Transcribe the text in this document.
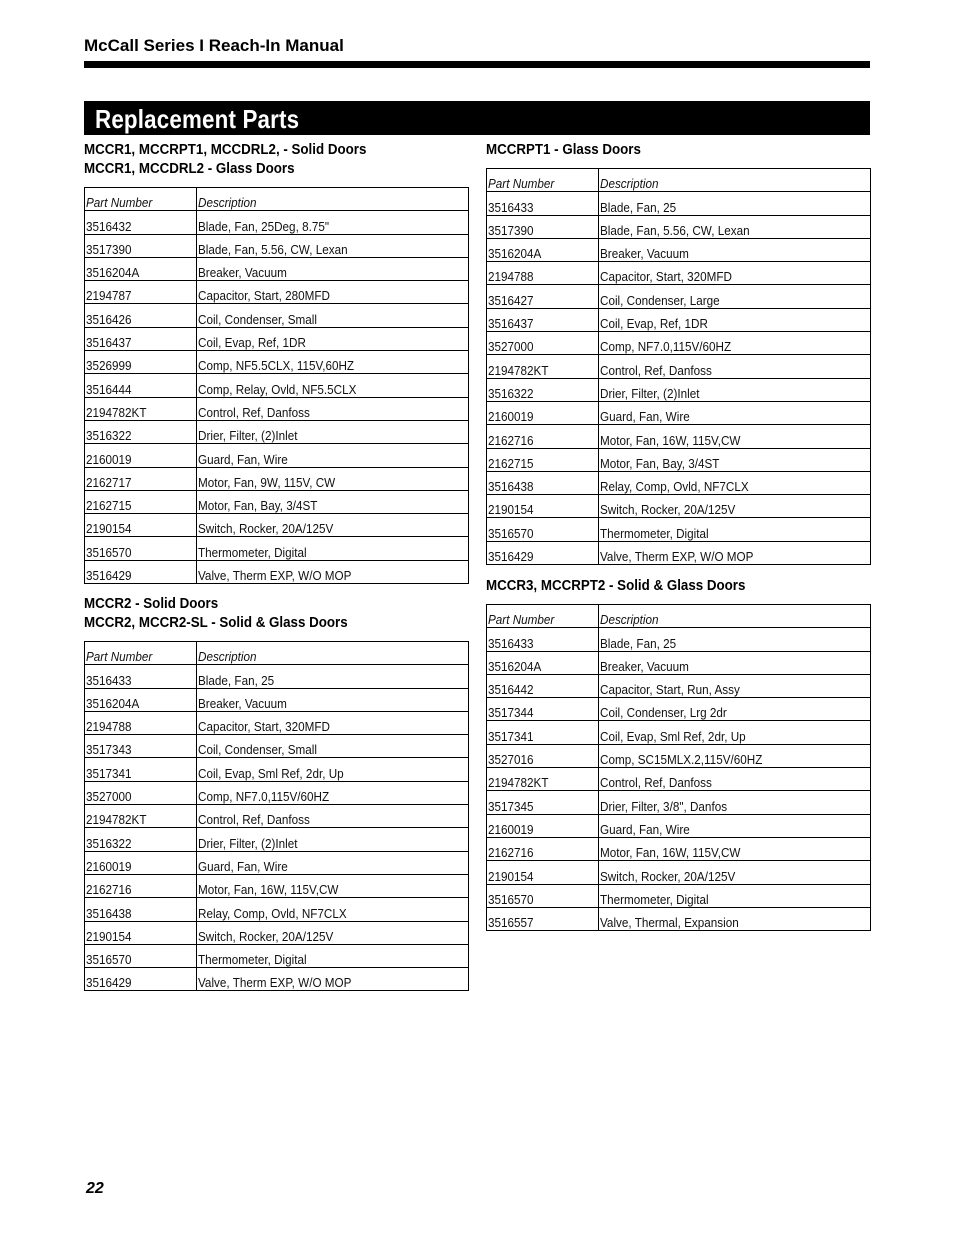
McCall Series I Reach-In Manual
Replacement Parts
MCCR1, MCCRPT1, MCCDRL2, - Solid Doors
MCCR1, MCCDRL2 - Glass Doors
Part Number	Description
3516432	Blade, Fan, 25Deg, 8.75"
3517390	Blade, Fan, 5.56, CW, Lexan
3516204A	Breaker, Vacuum
2194787	Capacitor, Start, 280MFD
3516426	Coil, Condenser, Small
3516437	Coil, Evap, Ref, 1DR
3526999	Comp, NF5.5CLX, 115V,60HZ
3516444	Comp, Relay, Ovld, NF5.5CLX
2194782KT	Control, Ref, Danfoss
3516322	Drier, Filter, (2)Inlet
2160019	Guard, Fan, Wire
2162717	Motor, Fan, 9W, 115V, CW
2162715	Motor, Fan, Bay, 3/4ST
2190154	Switch, Rocker, 20A/125V
3516570	Thermometer, Digital
3516429	Valve, Therm EXP, W/O MOP
MCCR2 - Solid Doors
MCCR2, MCCR2-SL - Solid & Glass Doors
Part Number	Description
3516433	Blade, Fan, 25
3516204A	Breaker, Vacuum
2194788	Capacitor, Start, 320MFD
3517343	Coil, Condenser, Small
3517341	Coil, Evap, Sml Ref, 2dr, Up
3527000	Comp, NF7.0,115V/60HZ
2194782KT	Control, Ref, Danfoss
3516322	Drier, Filter, (2)Inlet
2160019	Guard, Fan, Wire
2162716	Motor, Fan, 16W, 115V,CW
3516438	Relay, Comp, Ovld, NF7CLX
2190154	Switch, Rocker, 20A/125V
3516570	Thermometer, Digital
3516429	Valve, Therm EXP, W/O MOP
MCCRPT1 - Glass Doors
Part Number	Description
3516433	Blade, Fan, 25
3517390	Blade, Fan, 5.56, CW, Lexan
3516204A	Breaker, Vacuum
2194788	Capacitor, Start, 320MFD
3516427	Coil, Condenser, Large
3516437	Coil, Evap, Ref, 1DR
3527000	Comp, NF7.0,115V/60HZ
2194782KT	Control, Ref, Danfoss
3516322	Drier, Filter, (2)Inlet
2160019	Guard, Fan, Wire
2162716	Motor, Fan, 16W, 115V,CW
2162715	Motor, Fan, Bay, 3/4ST
3516438	Relay, Comp, Ovld, NF7CLX
2190154	Switch, Rocker, 20A/125V
3516570	Thermometer, Digital
3516429	Valve, Therm EXP, W/O MOP
MCCR3, MCCRPT2 - Solid & Glass Doors
Part Number	Description
3516433	Blade, Fan, 25
3516204A	Breaker, Vacuum
3516442	Capacitor, Start, Run, Assy
3517344	Coil, Condenser, Lrg 2dr
3517341	Coil, Evap, Sml Ref, 2dr, Up
3527016	Comp, SC15MLX.2,115V/60HZ
2194782KT	Control, Ref, Danfoss
3517345	Drier, Filter, 3/8", Danfos
2160019	Guard, Fan, Wire
2162716	Motor, Fan, 16W, 115V,CW
2190154	Switch, Rocker, 20A/125V
3516570	Thermometer, Digital
3516557	Valve, Thermal, Expansion
22
